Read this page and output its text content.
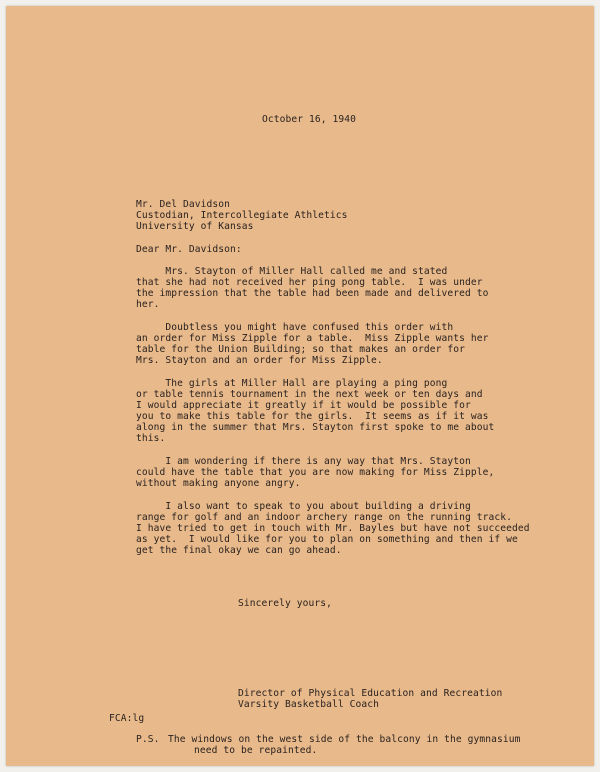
October 16, 1940
Mr. Del Davidson
Custodian, Intercollegiate Athletics
University of Kansas
Dear Mr. Davidson:
Mrs. Stayton of Miller Hall called me and stated
that she had not received her ping pong table.  I was under
the impression that the table had been made and delivered to
her.
Doubtless you might have confused this order with
an order for Miss Zipple for a table.  Miss Zipple wants her
table for the Union Building; so that makes an order for
Mrs. Stayton and an order for Miss Zipple.
The girls at Miller Hall are playing a ping pong
or table tennis tournament in the next week or ten days and
I would appreciate it greatly if it would be possible for
you to make this table for the girls.  It seems as if it was
along in the summer that Mrs. Stayton first spoke to me about
this.
I am wondering if there is any way that Mrs. Stayton
could have the table that you are now making for Miss Zipple,
without making anyone angry.
I also want to speak to you about building a driving
range for golf and an indoor archery range on the running track.
I have tried to get in touch with Mr. Bayles but have not succeeded
as yet.  I would like for you to plan on something and then if we
get the final okay we can go ahead.
Sincerely yours,
Director of Physical Education and Recreation
Varsity Basketball Coach
FCA:lg
P.S. The windows on the west side of the balcony in the gymnasium
need to be repainted.
